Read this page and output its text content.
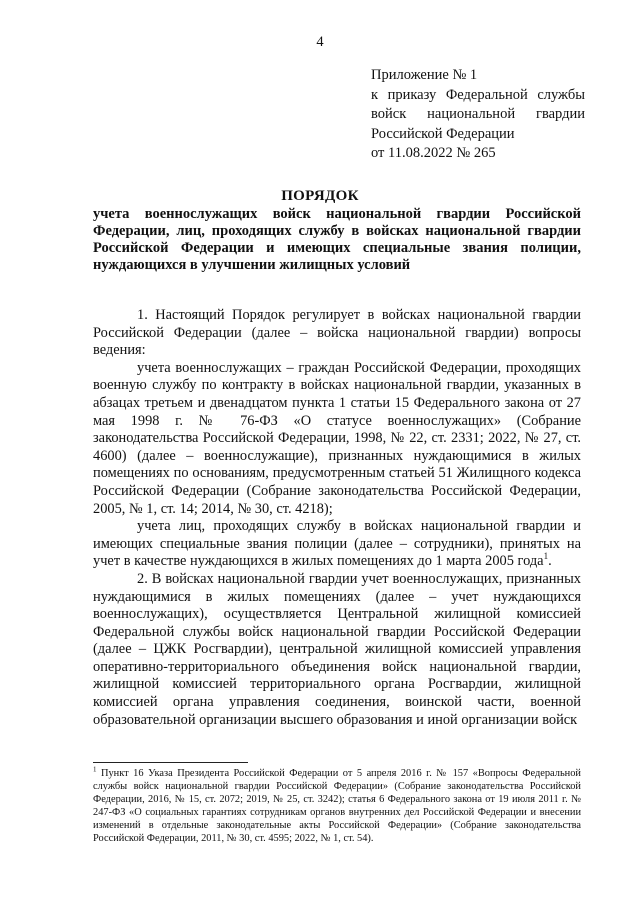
4
Приложение № 1
к приказу Федеральной службы
войск национальной гвардии
Российской Федерации
от 11.08.2022 № 265
ПОРЯДОК
учета военнослужащих войск национальной гвардии Российской Федерации, лиц, проходящих службу в войсках национальной гвардии Российской Федерации и имеющих специальные звания полиции, нуждающихся в улучшении жилищных условий
1. Настоящий Порядок регулирует в войсках национальной гвардии Российской Федерации (далее – войска национальной гвардии) вопросы ведения:
учета военнослужащих – граждан Российской Федерации, проходящих военную службу по контракту в войсках национальной гвардии, указанных в абзацах третьем и двенадцатом пункта 1 статьи 15 Федерального закона от 27 мая 1998 г. № 76-ФЗ «О статусе военнослужащих» (Собрание законодательства Российской Федерации, 1998, № 22, ст. 2331; 2022, № 27, ст. 4600) (далее – военнослужащие), признанных нуждающимися в жилых помещениях по основаниям, предусмотренным статьей 51 Жилищного кодекса Российской Федерации (Собрание законодательства Российской Федерации, 2005, № 1, ст. 14; 2014, № 30, ст. 4218);
учета лиц, проходящих службу в войсках национальной гвардии и имеющих специальные звания полиции (далее – сотрудники), принятых на учет в качестве нуждающихся в жилых помещениях до 1 марта 2005 года$^1$.
2. В войсках национальной гвардии учет военнослужащих, признанных нуждающимися в жилых помещениях (далее – учет нуждающихся военнослужащих), осуществляется Центральной жилищной комиссией Федеральной службы войск национальной гвардии Российской Федерации (далее – ЦЖК Росгвардии), центральной жилищной комиссией управления оперативно-территориального объединения войск национальной гвардии, жилищной комиссией территориального органа Росгвардии, жилищной комиссией органа управления соединения, воинской части, военной образовательной организации высшего образования и иной организации войск
$^1$ Пункт 16 Указа Президента Российской Федерации от 5 апреля 2016 г. № 157 «Вопросы Федеральной службы войск национальной гвардии Российской Федерации» (Собрание законодательства Российской Федерации, 2016, № 15, ст. 2072; 2019, № 25, ст. 3242); статья 6 Федерального закона от 19 июля 2011 г. № 247-ФЗ «О социальных гарантиях сотрудникам органов внутренних дел Российской Федерации и внесении изменений в отдельные законодательные акты Российской Федерации» (Собрание законодательства Российской Федерации, 2011, № 30, ст. 4595; 2022, № 1, ст. 54).
